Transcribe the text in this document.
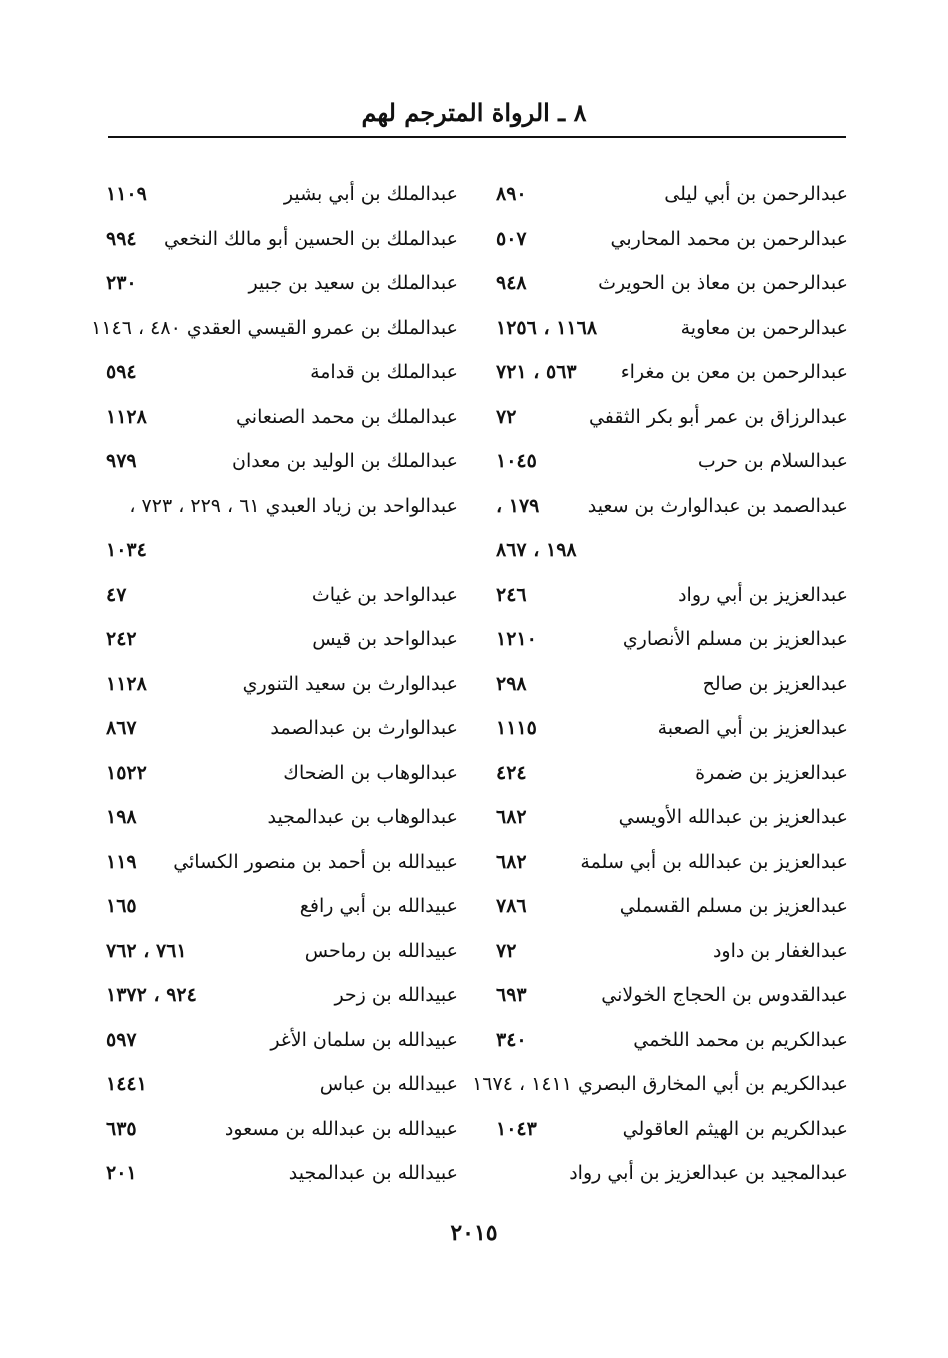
٨ ـ الرواة المترجم لهم
عبدالرحمن بن أبي ليلى
٨٩٠
عبدالرحمن بن محمد المحاربي
٥٠٧
عبدالرحمن بن معاذ بن الحويرث
٩٤٨
عبدالرحمن بن معاوية
١١٦٨ ، ١٢٥٦
عبدالرحمن بن معن بن مغراء
٥٦٣ ، ٧٢١
عبدالرزاق بن عمر أبو بكر الثقفي
٧٢
عبدالسلام بن حرب
١٠٤٥
عبدالصمد بن عبدالوارث بن سعيد
١٧٩ ،
١٩٨ ، ٨٦٧
عبدالعزيز بن أبي رواد
٢٤٦
عبدالعزيز بن مسلم الأنصاري
١٢١٠
عبدالعزيز بن صالح
٢٩٨
عبدالعزيز بن أبي الصعبة
١١١٥
عبدالعزيز بن ضمرة
٤٢٤
عبدالعزيز بن عبدالله الأويسي
٦٨٢
عبدالعزيز بن عبدالله بن أبي سلمة
٦٨٢
عبدالعزيز بن مسلم القسملي
٧٨٦
عبدالغفار بن داود
٧٢
عبدالقدوس بن الحجاج الخولاني
٦٩٣
عبدالكريم بن محمد اللخمي
٣٤٠
عبدالكريم بن أبي المخارق البصري ١٤١١ ، ١٦٧٤
عبدالكريم بن الهيثم العاقولي
١٠٤٣
عبدالمجيد بن عبدالعزيز بن أبي رواد
عبدالملك بن أبي بشير
١١٠٩
عبدالملك بن الحسين أبو مالك النخعي
٩٩٤
عبدالملك بن سعيد بن جبير
٢٣٠
عبدالملك بن عمرو القيسي العقدي ٤٨٠ ، ١١٤٦
عبدالملك بن قدامة
٥٩٤
عبدالملك بن محمد الصنعاني
١١٢٨
عبدالملك بن الوليد بن معدان
٩٧٩
عبدالواحد بن زياد العبدي ٦١ ، ٢٢٩ ، ٧٢٣ ،
١٠٣٤
عبدالواحد بن غياث
٤٧
عبدالواحد بن قيس
٢٤٢
عبدالوارث بن سعيد التنوري
١١٢٨
عبدالوارث بن عبدالصمد
٨٦٧
عبدالوهاب بن الضحاك
١٥٢٢
عبدالوهاب بن عبدالمجيد
١٩٨
عبيدالله بن أحمد بن منصور الكسائي
١١٩
عبيدالله بن أبي رافع
١٦٥
عبيدالله بن رماحس
٧٦١ ، ٧٦٢
عبيدالله بن زحر
٩٢٤ ، ١٣٧٢
عبيدالله بن سلمان الأغر
٥٩٧
عبيدالله بن عباس
١٤٤١
عبيدالله بن عبدالله بن مسعود
٦٣٥
عبيدالله بن عبدالمجيد
٢٠١
٢٠١٥
